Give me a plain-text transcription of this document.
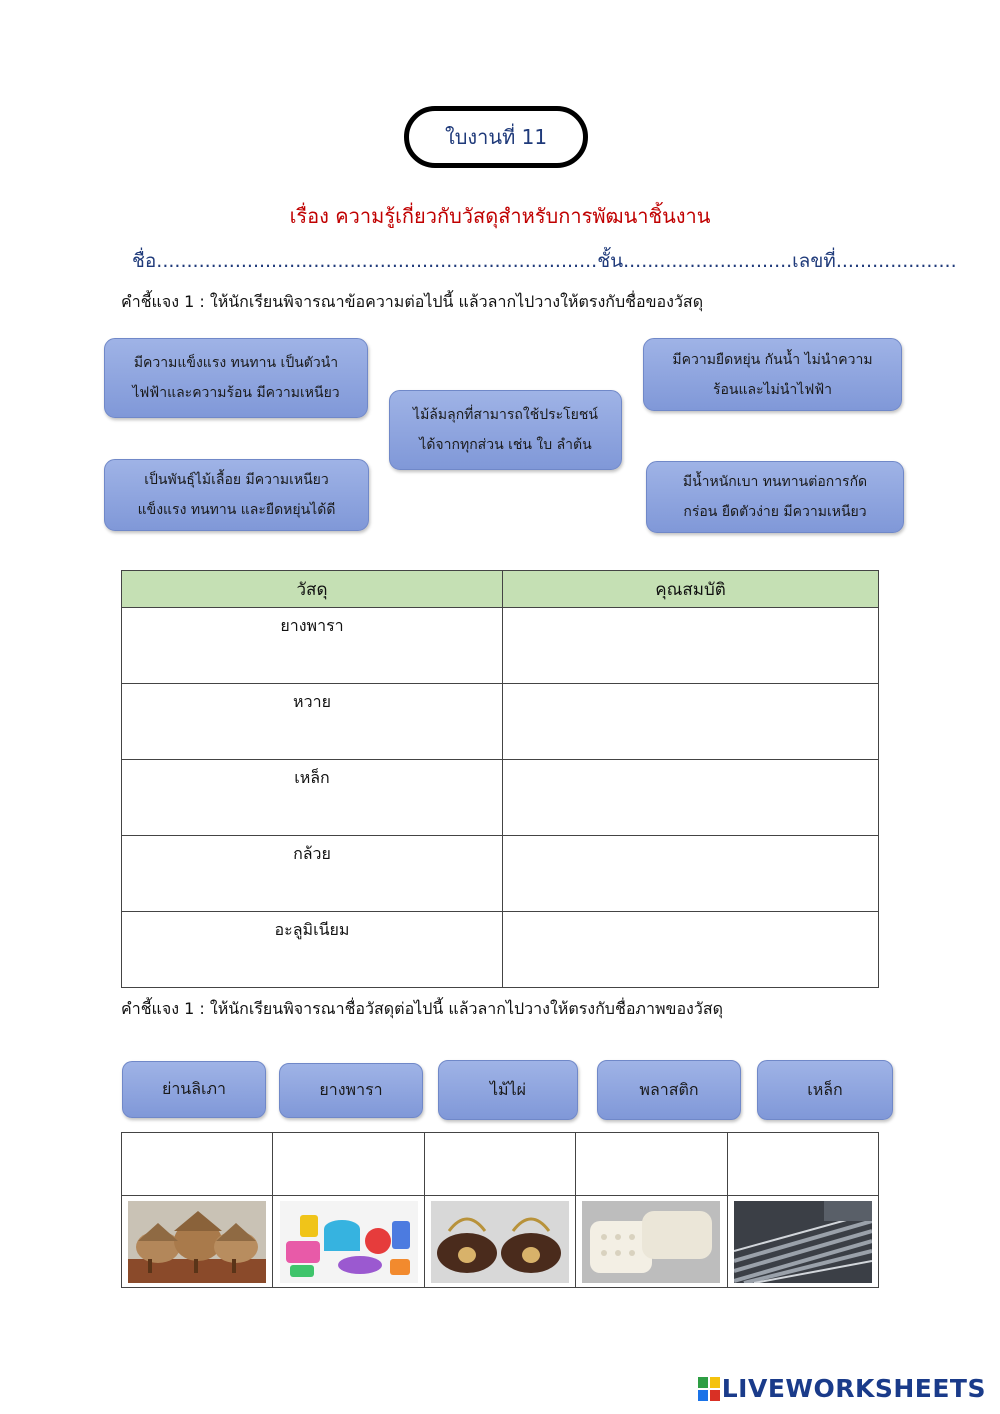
ใบงานที่ 11
เรื่อง ความรู้เกี่ยวกับวัสดุสำหรับการพัฒนาชิ้นงาน
ชื่อ.........................................................................ชั้น............................เลขที่....................
คำชี้แจง 1 : ให้นักเรียนพิจารณาข้อความต่อไปนี้ แล้วลากไปวางให้ตรงกับชื่อของวัสดุ
มีความแข็งแรง ทนทาน เป็นตัวนำ
ไฟฟ้าและความร้อน มีความเหนียว
ไม้ล้มลุกที่สามารถใช้ประโยชน์
ได้จากทุกส่วน เช่น ใบ ลำต้น
มีความยืดหยุ่น กันน้ำ ไม่นำความ
ร้อนและไม่นำไฟฟ้า
เป็นพันธุ์ไม้เลื้อย มีความเหนียว
แข็งแรง ทนทาน และยืดหยุ่นได้ดี
มีน้ำหนักเบา ทนทานต่อการกัด
กร่อน ยืดตัวง่าย มีความเหนียว
วัสดุ	คุณสมบัติ
ยางพารา	
หวาย	
เหล็ก	
กล้วย	
อะลูมิเนียม	
คำชี้แจง 1 : ให้นักเรียนพิจารณาชื่อวัสดุต่อไปนี้ แล้วลากไปวางให้ตรงกับชื่อภาพของวัสดุ
ย่านลิเภา	ยางพารา	ไม้ไผ่	พลาสติก	เหล็ก

LIVEWORKSHEETS
